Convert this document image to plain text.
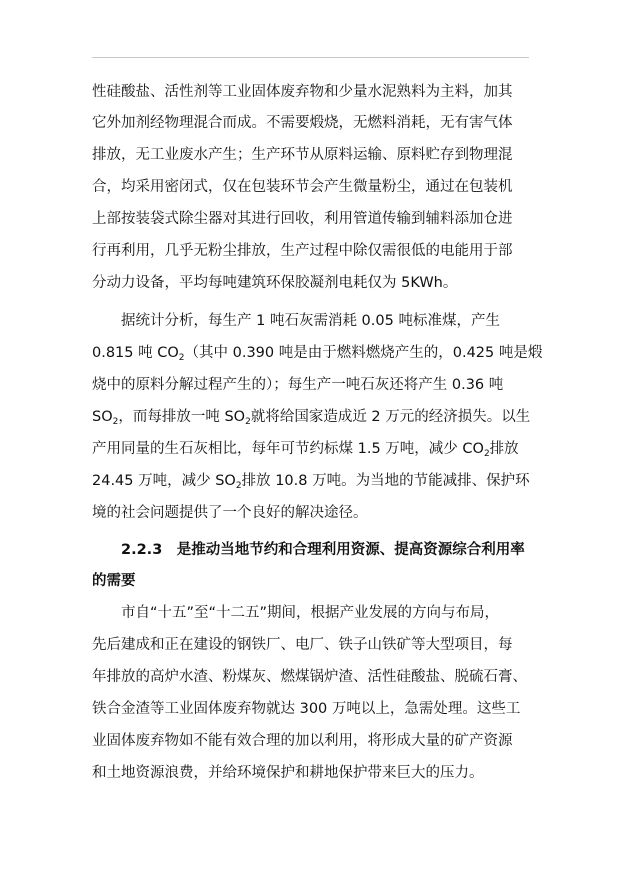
性硅酸盐、活性剂等工业固体废弃物和少量水泥熟料为主料，加其
它外加剂经物理混合而成。不需要煅烧，无燃料消耗，无有害气体
排放，无工业废水产生；生产环节从原料运输、原料贮存到物理混
合，均采用密闭式，仅在包装环节会产生微量粉尘，通过在包装机
上部按装袋式除尘器对其进行回收，利用管道传输到辅料添加仓进
行再利用，几乎无粉尘排放，生产过程中除仅需很低的电能用于部
分动力设备，平均每吨建筑环保胶凝剂电耗仅为 5KWh。
据统计分析，每生产 1 吨石灰需消耗 0.05 吨标准煤，产生
0.815 吨 $CO_2$（其中 0.390 吨是由于燃料燃烧产生的，0.425 吨是煅
烧中的原料分解过程产生的）；每生产一吨石灰还将产生 0.36 吨
$SO_2$，而每排放一吨 $SO_2$就将给国家造成近 2 万元的经济损失。以生
产用同量的生石灰相比，每年可节约标煤 1.5 万吨，减少 $CO_2$排放
24.45 万吨，减少 $SO_2$排放 10.8 万吨。为当地的节能减排、保护环
境的社会问题提供了一个良好的解决途径。
2.2.3　是推动当地节约和合理利用资源、提高资源综合利用率
的需要
市自“十五”至“十二五”期间，根据产业发展的方向与布局，
先后建成和正在建设的钢铁厂、电厂、铁子山铁矿等大型项目，每
年排放的高炉水渣、粉煤灰、燃煤锅炉渣、活性硅酸盐、脱硫石膏、
铁合金渣等工业固体废弃物就达 300 万吨以上，急需处理。这些工
业固体废弃物如不能有效合理的加以利用，将形成大量的矿产资源
和土地资源浪费，并给环境保护和耕地保护带来巨大的压力。
